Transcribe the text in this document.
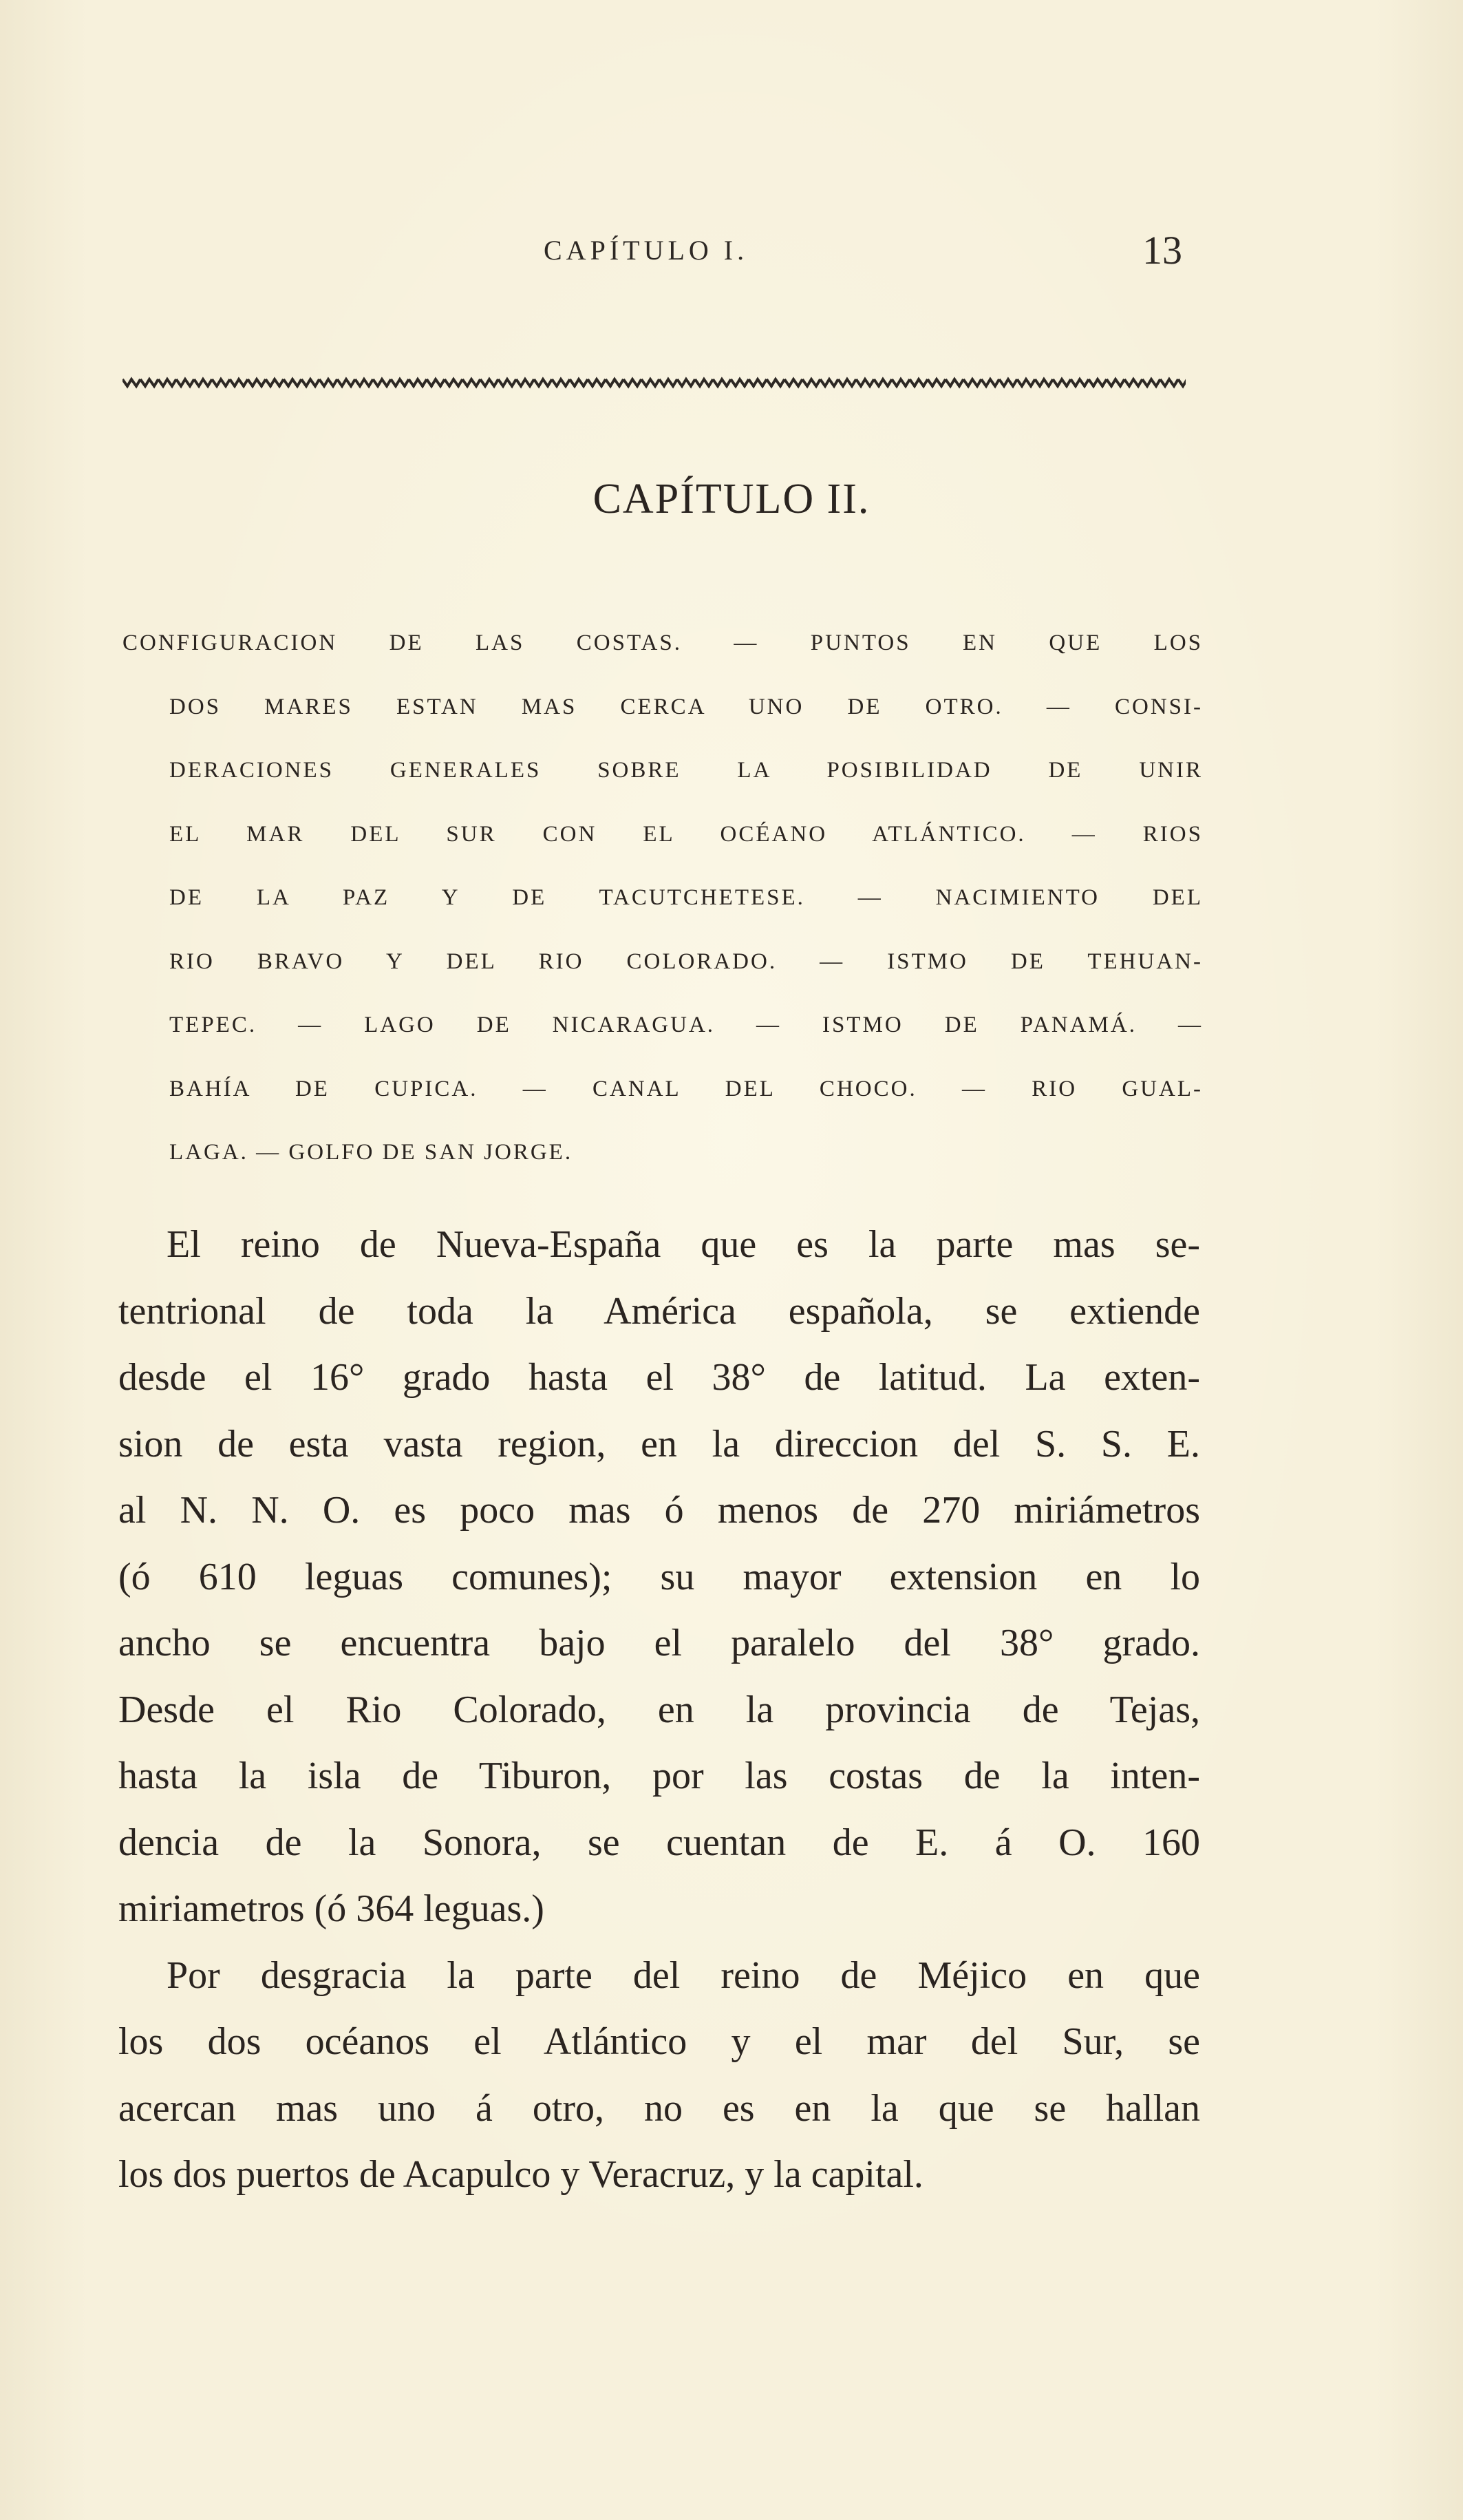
CAPÍTULO I.	13
CAPÍTULO II.
CONFIGURACION DE LAS COSTAS. — PUNTOS EN QUE LOS
DOS MARES ESTAN MAS CERCA UNO DE OTRO. — CONSI-
DERACIONES GENERALES SOBRE LA POSIBILIDAD DE UNIR
EL MAR DEL SUR CON EL OCÉANO ATLÁNTICO. — RIOS
DE LA PAZ Y DE TACUTCHETESE. — NACIMIENTO DEL
RIO BRAVO Y DEL RIO COLORADO. — ISTMO DE TEHUAN-
TEPEC. — LAGO DE NICARAGUA. — ISTMO DE PANAMÁ. —
BAHÍA DE CUPICA. — CANAL DEL CHOCO. — RIO GUAL-
LAGA. — GOLFO DE SAN JORGE.
El reino de Nueva-España que es la parte mas se-
tentrional de toda la América española, se extiende
desde el 16° grado hasta el 38° de latitud. La exten-
sion de esta vasta region, en la direccion del S. S. E.
al N. N. O. es poco mas ó menos de 270 miriámetros
(ó 610 leguas comunes); su mayor extension en lo
ancho se encuentra bajo el paralelo del 38° grado.
Desde el Rio Colorado, en la provincia de Tejas,
hasta la isla de Tiburon, por las costas de la inten-
dencia de la Sonora, se cuentan de E. á O. 160
miriametros (ó 364 leguas.)
Por desgracia la parte del reino de Méjico en que
los dos océanos el Atlántico y el mar del Sur, se
acercan mas uno á otro, no es en la que se hallan
los dos puertos de Acapulco y Veracruz, y la capital.
